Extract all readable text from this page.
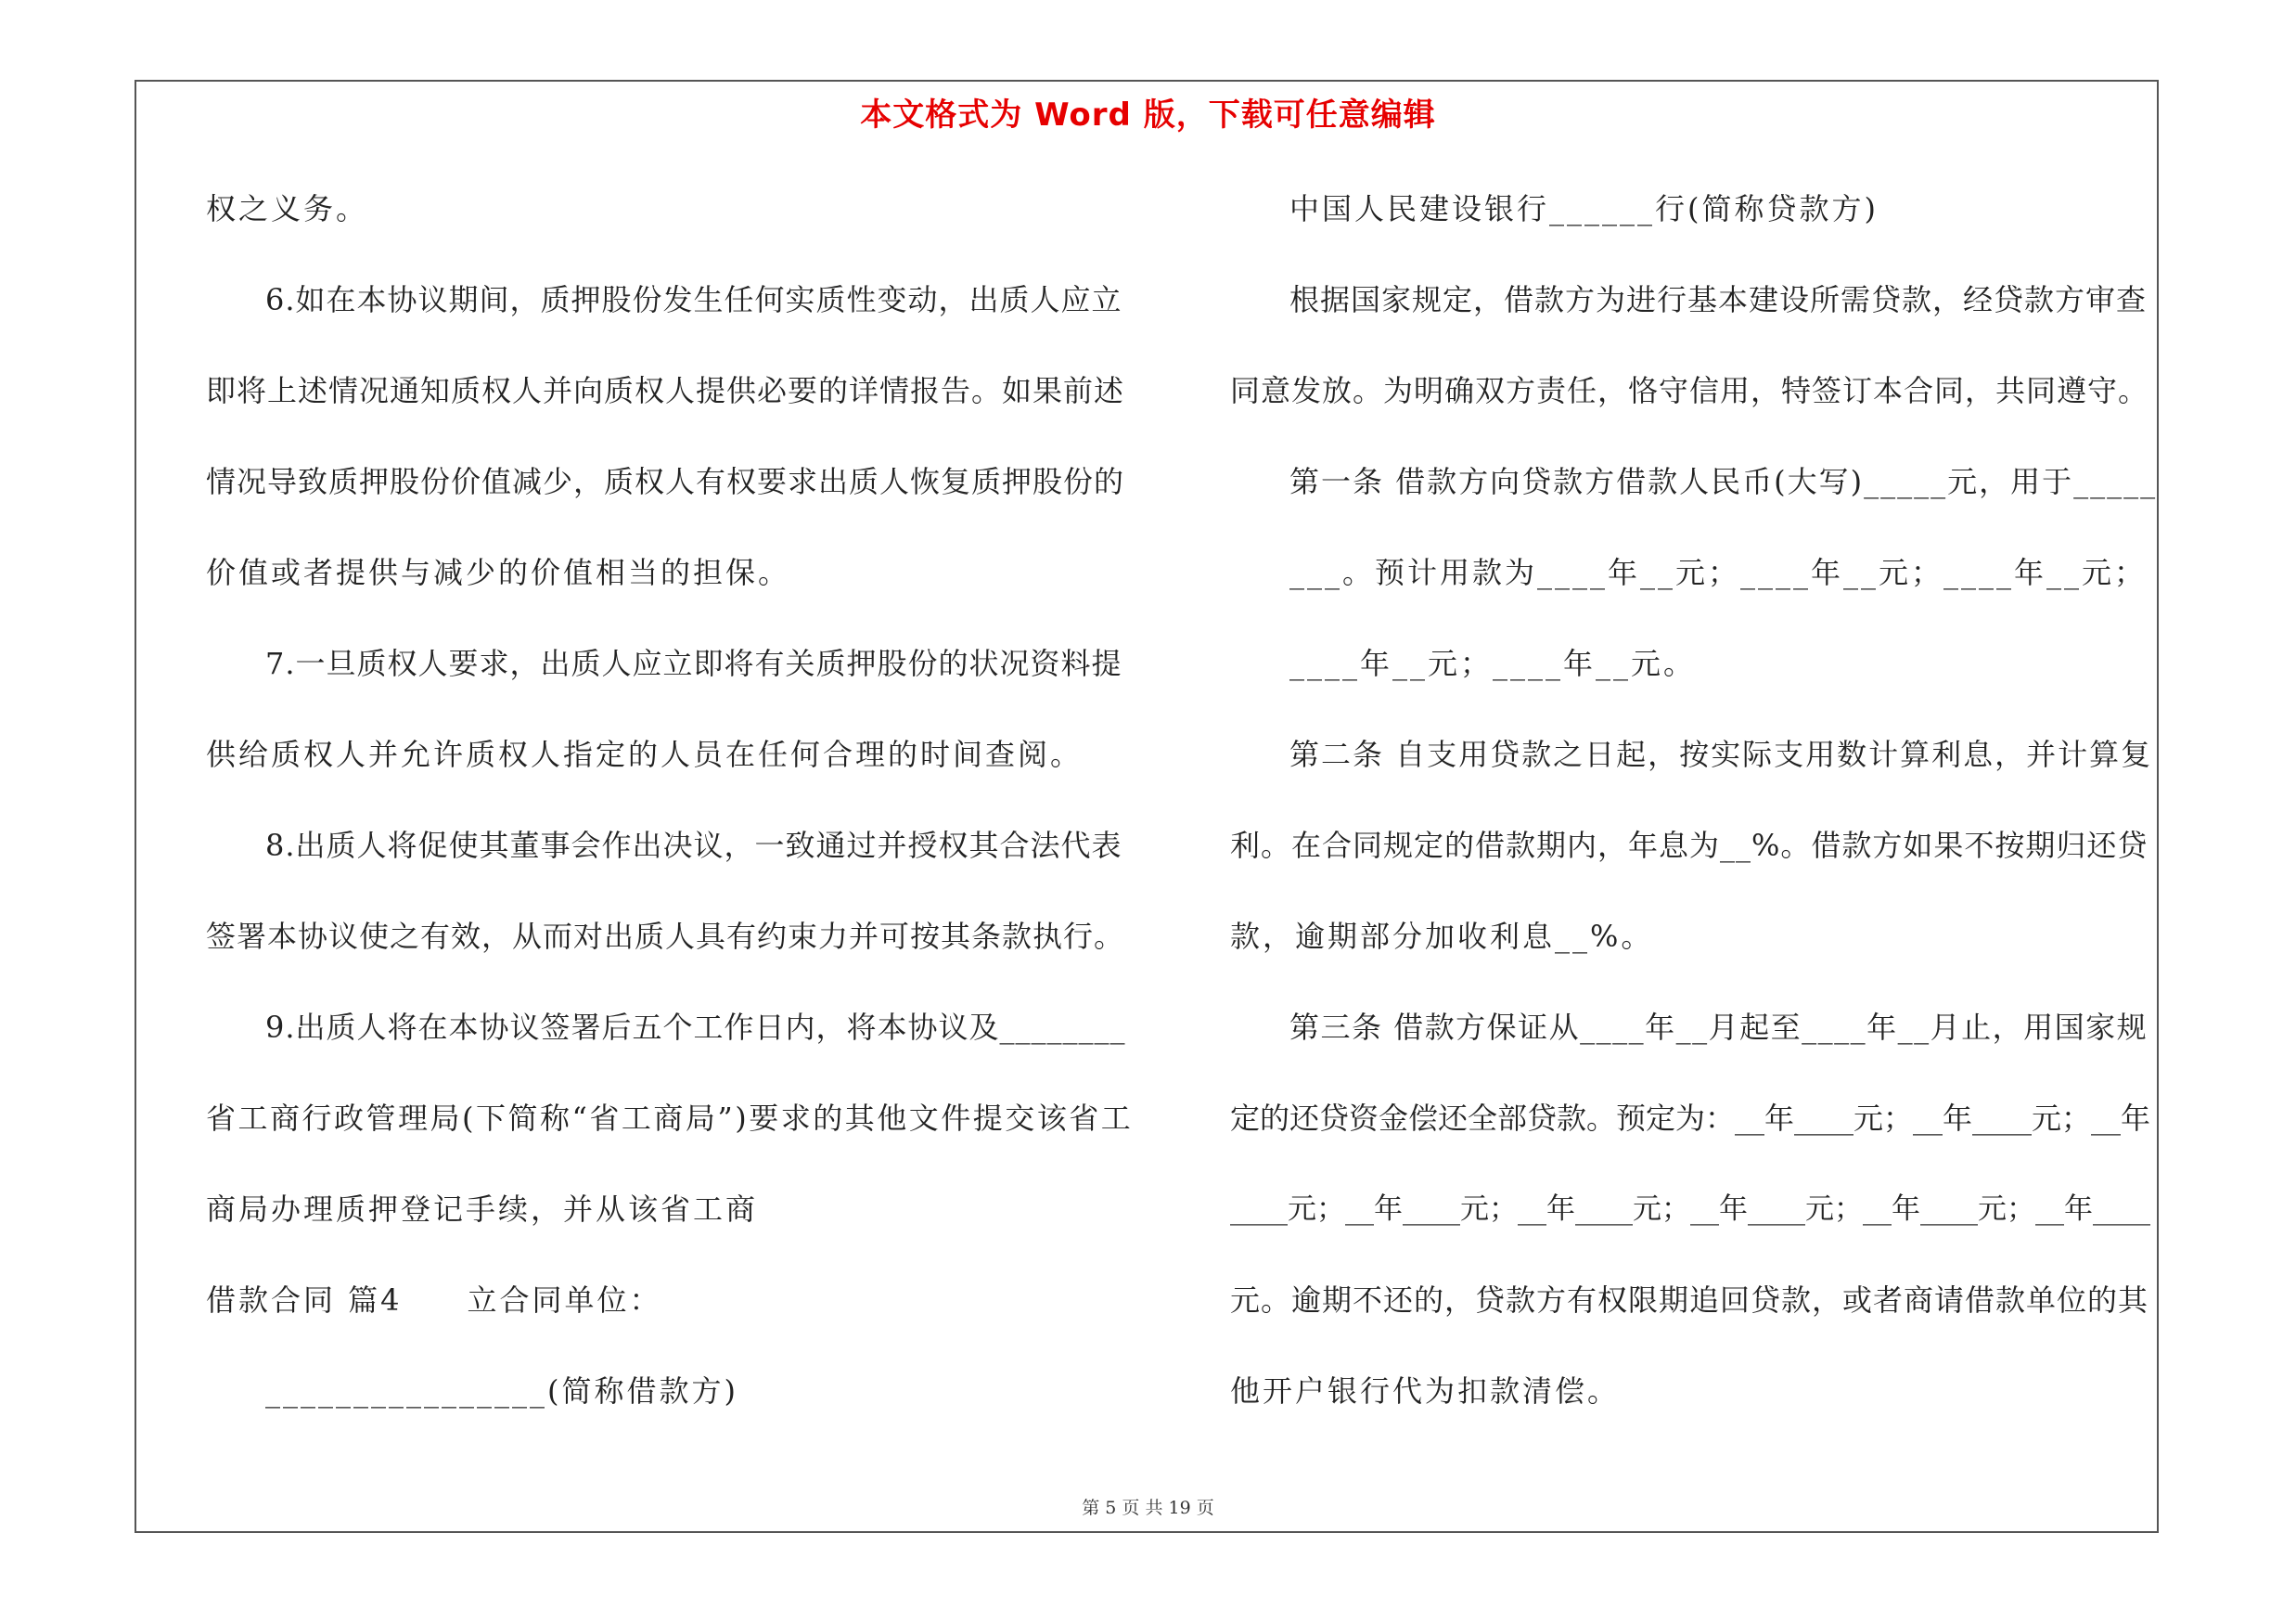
本文格式为 Word 版，下载可任意编辑
权之义务。
6.如在本协议期间，质押股份发生任何实质性变动，出质人应立
即将上述情况通知质权人并向质权人提供必要的详情报告。如果前述
情况导致质押股份价值减少，质权人有权要求出质人恢复质押股份的
价值或者提供与减少的价值相当的担保。
7.一旦质权人要求，出质人应立即将有关质押股份的状况资料提
供给质权人并允许质权人指定的人员在任何合理的时间查阅。
8.出质人将促使其董事会作出决议，一致通过并授权其合法代表
签署本协议使之有效，从而对出质人具有约束力并可按其条款执行。
9.出质人将在本协议签署后五个工作日内，将本协议及________
省工商行政管理局(下简称“省工商局”)要求的其他文件提交该省工
商局办理质押登记手续，并从该省工商
借款合同 篇4　　立合同单位：
________________(简称借款方)
中国人民建设银行______行(简称贷款方)
根据国家规定，借款方为进行基本建设所需贷款，经贷款方审查
同意发放。为明确双方责任，恪守信用，特签订本合同，共同遵守。
第一条 借款方向贷款方借款人民币(大写)_____元，用于_____
___。预计用款为____年__元；____年__元；____年__元；
____年__元；____年__元。
第二条 自支用贷款之日起，按实际支用数计算利息，并计算复
利。在合同规定的借款期内，年息为__%。借款方如果不按期归还贷
款，逾期部分加收利息__%。
第三条 借款方保证从____年__月起至____年__月止，用国家规
定的还贷资金偿还全部贷款。预定为：__年____元；__年____元；__年
____元；__年____元；__年____元；__年____元；__年____元；__年____
元。逾期不还的，贷款方有权限期追回贷款，或者商请借款单位的其
他开户银行代为扣款清偿。
第 5 页 共 19 页
